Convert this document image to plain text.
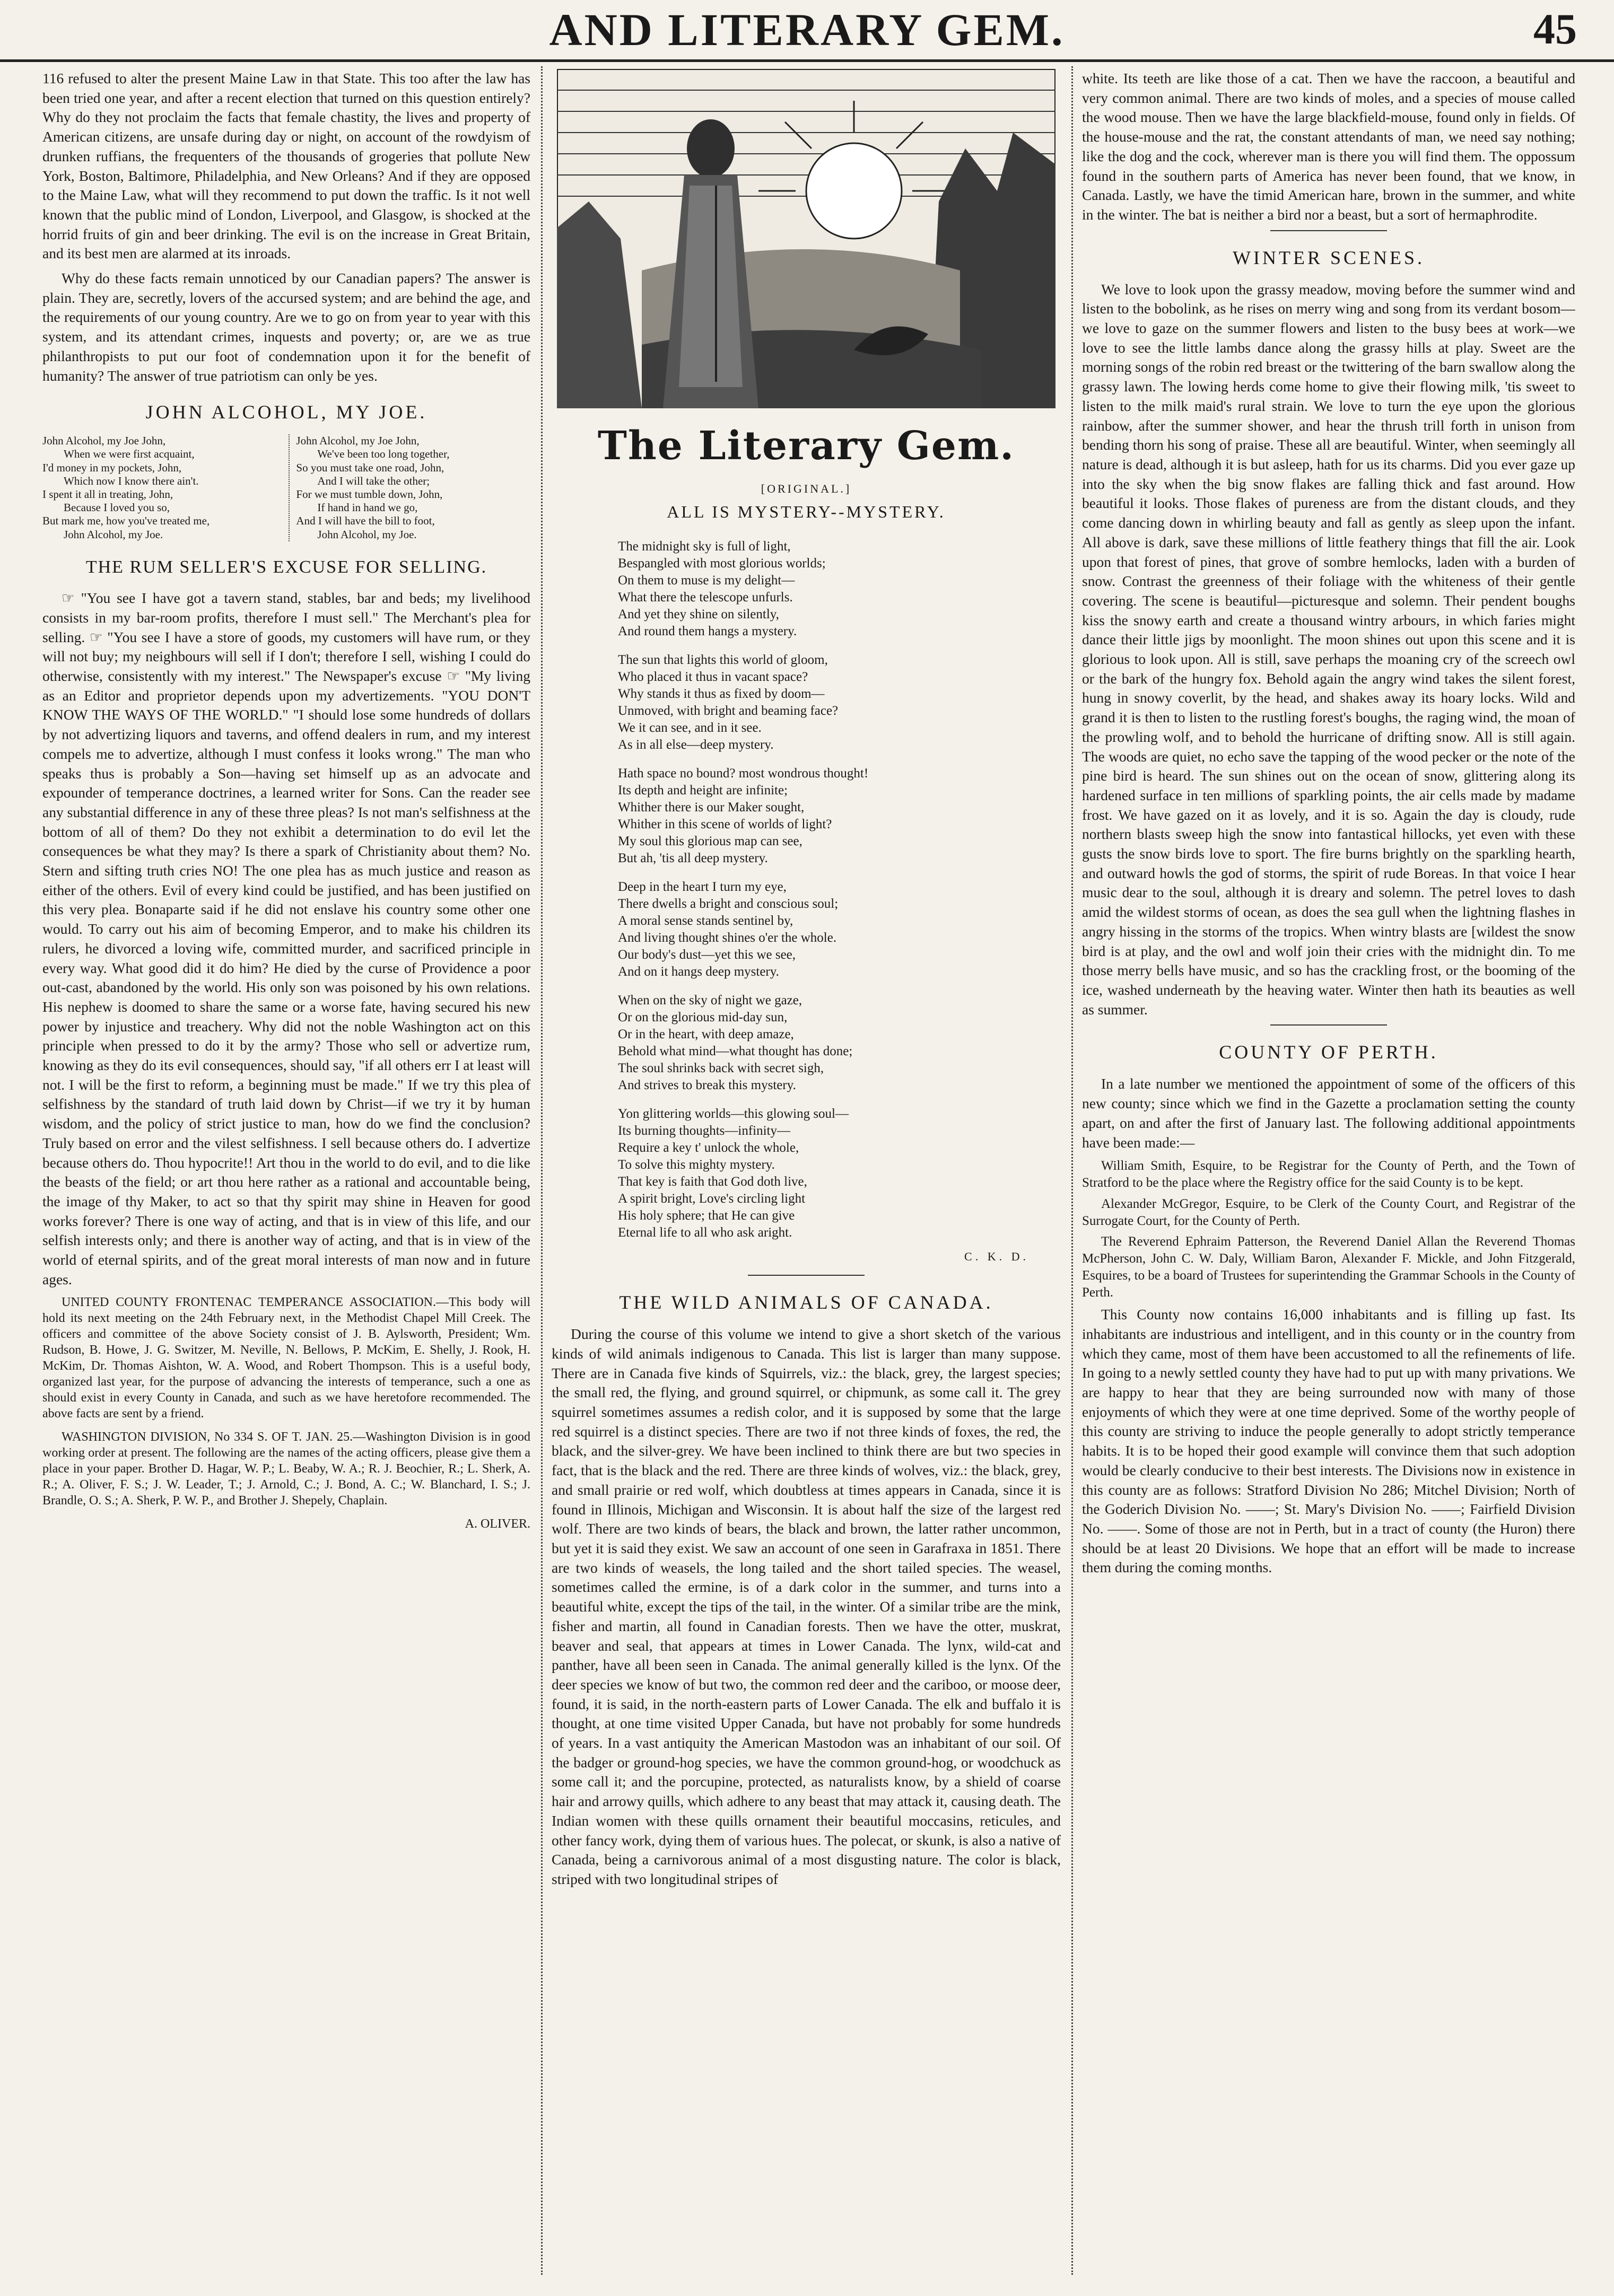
AND LITERARY GEM.	45

116 refused to alter the present Maine Law in that State. This too after the law has been tried one year, and after a recent election that turned on this question entirely? Why do they not proclaim the facts that female chastity, the lives and property of American citizens, are unsafe during day or night, on account of the rowdyism of drunken ruffians, the frequenters of the thousands of grogeries that pollute New York, Boston, Baltimore, Philadelphia, and New Orleans? And if they are opposed to the Maine Law, what will they recommend to put down the traffic. Is it not well known that the public mind of London, Liverpool, and Glasgow, is shocked at the horrid fruits of gin and beer drinking. The evil is on the increase in Great Britain, and its best men are alarmed at its inroads.

Why do these facts remain unnoticed by our Canadian papers? The answer is plain. They are, secretly, lovers of the accursed system; and are behind the age, and the requirements of our young country. Are we to go on from year to year with this system, and its attendant crimes, inquests and poverty; or, are we as true philanthropists to put our foot of condemnation upon it for the benefit of humanity? The answer of true patriotism can only be yes.

JOHN ALCOHOL, MY JOE.
John Alcohol, my Joe John,
When we were first acquaint,
I'd money in my pockets, John,
Which now I know there ain't.
I spent it all in treating, John,
Because I loved you so,
But mark me, how you've treated me,
John Alcohol, my Joe.
John Alcohol, my Joe John,
We've been too long together,
So you must take one road, John,
And I will take the other;
For we must tumble down, John,
If hand in hand we go,
And I will have the bill to foot,
John Alcohol, my Joe.
THE RUM SELLER'S EXCUSE FOR SELLING.

☞ "You see I have got a tavern stand, stables, bar and beds; my livelihood consists in my bar-room profits, therefore I must sell." The Merchant's plea for selling. ☞ "You see I have a store of goods, my customers will have rum, or they will not buy; my neighbours will sell if I don't; therefore I sell, wishing I could do otherwise, consistently with my interest." The Newspaper's excuse ☞ "My living as an Editor and proprietor depends upon my advertizements. "YOU DON'T KNOW THE WAYS OF THE WORLD." "I should lose some hundreds of dollars by not advertizing liquors and taverns, and offend dealers in rum, and my interest compels me to advertize, although I must confess it looks wrong." The man who speaks thus is probably a Son—having set himself up as an advocate and expounder of temperance doctrines, a learned writer for Sons. Can the reader see any substantial difference in any of these three pleas? Is not man's selfishness at the bottom of all of them? Do they not exhibit a determination to do evil let the consequences be what they may? Is there a spark of Christianity about them? No. Stern and sifting truth cries NO! The one plea has as much justice and reason as either of the others. Evil of every kind could be justified, and has been justified on this very plea. Bonaparte said if he did not enslave his country some other one would. To carry out his aim of becoming Emperor, and to make his children its rulers, he divorced a loving wife, committed murder, and sacrificed principle in every way. What good did it do him? He died by the curse of Providence a poor out-cast, abandoned by the world. His only son was poisoned by his own relations. His nephew is doomed to share the same or a worse fate, having secured his new power by injustice and treachery. Why did not the noble Washington act on this principle when pressed to do it by the army? Those who sell or advertize rum, knowing as they do its evil consequences, should say, "if all others err I at least will not. I will be the first to reform, a beginning must be made." If we try this plea of selfishness by the standard of truth laid down by Christ—if we try it by human wisdom, and the policy of strict justice to man, how do we find the conclusion? Truly based on error and the vilest selfishness. I sell because others do. I advertize because others do. Thou hypocrite!! Art thou in the world to do evil, and to die like the beasts of the field; or art thou here rather as a rational and accountable being, the image of thy Maker, to act so that thy spirit may shine in Heaven for good works forever? There is one way of acting, and that is in view of this life, and our selfish interests only; and there is another way of acting, and that is in view of the world of eternal spirits, and of the great moral interests of man now and in future ages.

UNITED COUNTY FRONTENAC TEMPERANCE ASSOCIATION.—This body will hold its next meeting on the 24th February next, in the Methodist Chapel Mill Creek. The officers and committee of the above Society consist of J. B. Aylsworth, President; Wm. Rudson, B. Howe, J. G. Switzer, M. Neville, N. Bellows, P. McKim, E. Shelly, J. Rook, H. McKim, Dr. Thomas Aishton, W. A. Wood, and Robert Thompson. This is a useful body, organized last year, for the purpose of advancing the interests of temperance, such a one as should exist in every County in Canada, and such as we have heretofore recommended. The above facts are sent by a friend.
WASHINGTON DIVISION, No 334 S. OF T. JAN. 25.—Washington Division is in good working order at present. The following are the names of the acting officers, please give them a place in your paper. Brother D. Hagar, W. P.; L. Beaby, W. A.; R. J. Beochier, R.; L. Sherk, A. R.; A. Oliver, F. S.; J. W. Leader, T.; J. Arnold, C.; J. Bond, A. C.; W. Blanchard, I. S.; J. Brandle, O. S.; A. Sherk, P. W. P., and Brother J. Shepely, Chaplain.
A. OLIVER.
The Literary Gem.
[ORIGINAL.]
ALL IS MYSTERY--MYSTERY.
The midnight sky is full of light,
Bespangled with most glorious worlds;
On them to muse is my delight—
What there the telescope unfurls.
And yet they shine on silently,
And round them hangs a mystery.
The sun that lights this world of gloom,
Who placed it thus in vacant space?
Why stands it thus as fixed by doom—
Unmoved, with bright and beaming face?
We it can see, and in it see.
As in all else—deep mystery.
Hath space no bound? most wondrous thought!
Its depth and height are infinite;
Whither there is our Maker sought,
Whither in this scene of worlds of light?
My soul this glorious map can see,
But ah, 'tis all deep mystery.
Deep in the heart I turn my eye,
There dwells a bright and conscious soul;
A moral sense stands sentinel by,
And living thought shines o'er the whole.
Our body's dust—yet this we see,
And on it hangs deep mystery.
When on the sky of night we gaze,
Or on the glorious mid-day sun,
Or in the heart, with deep amaze,
Behold what mind—what thought has done;
The soul shrinks back with secret sigh,
And strives to break this mystery.
Yon glittering worlds—this glowing soul—
Its burning thoughts—infinity—
Require a key t' unlock the whole,
To solve this mighty mystery.
That key is faith that God doth live,
A spirit bright, Love's circling light
His holy sphere; that He can give
Eternal life to all who ask aright.
C. K. D.
THE WILD ANIMALS OF CANADA.

During the course of this volume we intend to give a short sketch of the various kinds of wild animals indigenous to Canada. This list is larger than many suppose. There are in Canada five kinds of Squirrels, viz.: the black, grey, the largest species; the small red, the flying, and ground squirrel, or chipmunk, as some call it. The grey squirrel sometimes assumes a redish color, and it is supposed by some that the large red squirrel is a distinct species. There are two if not three kinds of foxes, the red, the black, and the silver-grey. We have been inclined to think there are but two species in fact, that is the black and the red. There are three kinds of wolves, viz.: the black, grey, and small prairie or red wolf, which doubtless at times appears in Canada, since it is found in Illinois, Michigan and Wisconsin. It is about half the size of the largest red wolf. There are two kinds of bears, the black and brown, the latter rather uncommon, but yet it is said they exist. We saw an account of one seen in Garafraxa in 1851. There are two kinds of weasels, the long tailed and the short tailed species. The weasel, sometimes called the ermine, is of a dark color in the summer, and turns into a beautiful white, except the tips of the tail, in the winter. Of a similar tribe are the mink, fisher and martin, all found in Canadian forests. Then we have the otter, muskrat, beaver and seal, that appears at times in Lower Canada. The lynx, wild-cat and panther, have all been seen in Canada. The animal generally killed is the lynx. Of the deer species we know of but two, the common red deer and the cariboo, or moose deer, found, it is said, in the north-eastern parts of Lower Canada. The elk and buffalo it is thought, at one time visited Upper Canada, but have not probably for some hundreds of years. In a vast antiquity the American Mastodon was an inhabitant of our soil. Of the badger or ground-hog species, we have the common ground-hog, or woodchuck as some call it; and the porcupine, protected, as naturalists know, by a shield of coarse hair and arrowy quills, which adhere to any beast that may attack it, causing death. The Indian women with these quills ornament their beautiful moccasins, reticules, and other fancy work, dying them of various hues. The polecat, or skunk, is also a native of Canada, being a carnivorous animal of a most disgusting nature. The color is black, striped with two longitudinal stripes of

white. Its teeth are like those of a cat. Then we have the raccoon, a beautiful and very common animal. There are two kinds of moles, and a species of mouse called the wood mouse. Then we have the large blackfield-mouse, found only in fields. Of the house-mouse and the rat, the constant attendants of man, we need say nothing; like the dog and the cock, wherever man is there you will find them. The oppossum found in the southern parts of America has never been found, that we know, in Canada. Lastly, we have the timid American hare, brown in the summer, and white in the winter. The bat is neither a bird nor a beast, but a sort of hermaphrodite.

WINTER SCENES.

We love to look upon the grassy meadow, moving before the summer wind and listen to the bobolink, as he rises on merry wing and song from its verdant bosom—we love to gaze on the summer flowers and listen to the busy bees at work—we love to see the little lambs dance along the grassy hills at play. Sweet are the morning songs of the robin red breast or the twittering of the barn swallow along the grassy lawn. The lowing herds come home to give their flowing milk, 'tis sweet to listen to the milk maid's rural strain. We love to turn the eye upon the glorious rainbow, after the summer shower, and hear the thrush trill forth in unison from bending thorn his song of praise. These all are beautiful. Winter, when seemingly all nature is dead, although it is but asleep, hath for us its charms. Did you ever gaze up into the sky when the big snow flakes are falling thick and fast around. How beautiful it looks. Those flakes of pureness are from the distant clouds, and they come dancing down in whirling beauty and fall as gently as sleep upon the infant. All above is dark, save these millions of little feathery things that fill the air. Look upon that forest of pines, that grove of sombre hemlocks, laden with a burden of snow. Contrast the greenness of their foliage with the whiteness of their gentle covering. The scene is beautiful—picturesque and solemn. Their pendent boughs kiss the snowy earth and create a thousand wintry arbours, in which faries might dance their little jigs by moonlight. The moon shines out upon this scene and it is glorious to look upon. All is still, save perhaps the moaning cry of the screech owl or the bark of the hungry fox. Behold again the angry wind takes the silent forest, hung in snowy coverlit, by the head, and shakes away its hoary locks. Wild and grand it is then to listen to the rustling forest's boughs, the raging wind, the moan of the prowling wolf, and to behold the hurricane of drifting snow. All is still again. The woods are quiet, no echo save the tapping of the wood pecker or the note of the pine bird is heard. The sun shines out on the ocean of snow, glittering along its hardened surface in ten millions of sparkling points, the air cells made by madame frost. We have gazed on it as lovely, and it is so. Again the day is cloudy, rude northern blasts sweep high the snow into fantastical hillocks, yet even with these gusts the snow birds love to sport. The fire burns brightly on the sparkling hearth, and outward howls the god of storms, the spirit of rude Boreas. In that voice I hear music dear to the soul, although it is dreary and solemn. The petrel loves to dash amid the wildest storms of ocean, as does the sea gull when the lightning flashes in angry hissing in the storms of the tropics. When wintry blasts are [wildest the snow bird is at play, and the owl and wolf join their cries with the midnight din. To me those merry bells have music, and so has the crackling frost, or the booming of the ice, washed underneath by the heaving water. Winter then hath its beauties as well as summer.

COUNTY OF PERTH.

In a late number we mentioned the appointment of some of the officers of this new county; since which we find in the Gazette a proclamation setting the county apart, on and after the first of January last. The following additional appointments have been made:—

William Smith, Esquire, to be Registrar for the County of Perth, and the Town of Stratford to be the place where the Registry office for the said County is to be kept.
Alexander McGregor, Esquire, to be Clerk of the County Court, and Registrar of the Surrogate Court, for the County of Perth.
The Reverend Ephraim Patterson, the Reverend Daniel Allan the Reverend Thomas McPherson, John C. W. Daly, William Baron, Alexander F. Mickle, and John Fitzgerald, Esquires, to be a board of Trustees for superintending the Grammar Schools in the County of Perth.

This County now contains 16,000 inhabitants and is filling up fast. Its inhabitants are industrious and intelligent, and in this county or in the country from which they came, most of them have been accustomed to all the refinements of life. In going to a newly settled county they have had to put up with many privations. We are happy to hear that they are being surrounded now with many of those enjoyments of which they were at one time deprived. Some of the worthy people of this county are striving to induce the people generally to adopt strictly temperance habits. It is to be hoped their good example will convince them that such adoption would be clearly conducive to their best interests. The Divisions now in existence in this county are as follows: Stratford Division No 286; Mitchel Division; North of the Goderich Division No. ——; St. Mary's Division No. ——; Fairfield Division No. ——. Some of those are not in Perth, but in a tract of county (the Huron) there should be at least 20 Divisions. We hope that an effort will be made to increase them during the coming months.
